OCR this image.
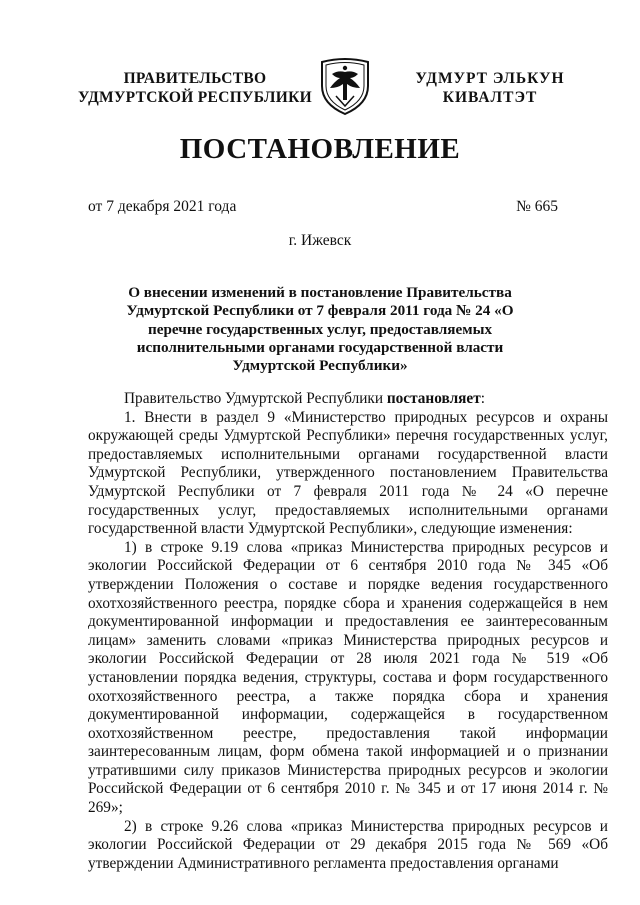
ПРАВИТЕЛЬСТВО
УДМУРТСКОЙ РЕСПУБЛИКИ
УДМУРТ ЭЛЬКУН
КИВАЛТЭТ
ПОСТАНОВЛЕНИЕ
от 7 декабря 2021 года	№ 665
г. Ижевск
О внесении изменений в постановление Правительства Удмуртской Республики от 7 февраля 2011 года № 24 «О перечне государственных услуг, предоставляемых исполнительными органами государственной власти Удмуртской Республики»

Правительство Удмуртской Республики постановляет:

1. Внести в раздел 9 «Министерство природных ресурсов и охраны окружающей среды Удмуртской Республики» перечня государственных услуг, предоставляемых исполнительными органами государственной власти Удмуртской Республики, утвержденного постановлением Правительства Удмуртской Республики от 7 февраля 2011 года № 24 «О перечне государственных услуг, предоставляемых исполнительными органами государственной власти Удмуртской Республики», следующие изменения:

1) в строке 9.19 слова «приказ Министерства природных ресурсов и экологии Российской Федерации от 6 сентября 2010 года № 345 «Об утверждении Положения о составе и порядке ведения государственного охотхозяйственного реестра, порядке сбора и хранения содержащейся в нем документированной информации и предоставления ее заинтересованным лицам» заменить словами «приказ Министерства природных ресурсов и экологии Российской Федерации от 28 июля 2021 года № 519 «Об установлении порядка ведения, структуры, состава и форм государственного охотхозяйственного реестра, а также порядка сбора и хранения документированной информации, содержащейся в государственном охотхозяйственном реестре, предоставления такой информации заинтересованным лицам, форм обмена такой информацией и о признании утратившими силу приказов Министерства природных ресурсов и экологии Российской Федерации от 6 сентября 2010 г. № 345 и от 17 июня 2014 г. № 269»;

2) в строке 9.26 слова «приказ Министерства природных ресурсов и экологии Российской Федерации от 29 декабря 2015 года № 569 «Об утверждении Административного регламента предоставления органами
